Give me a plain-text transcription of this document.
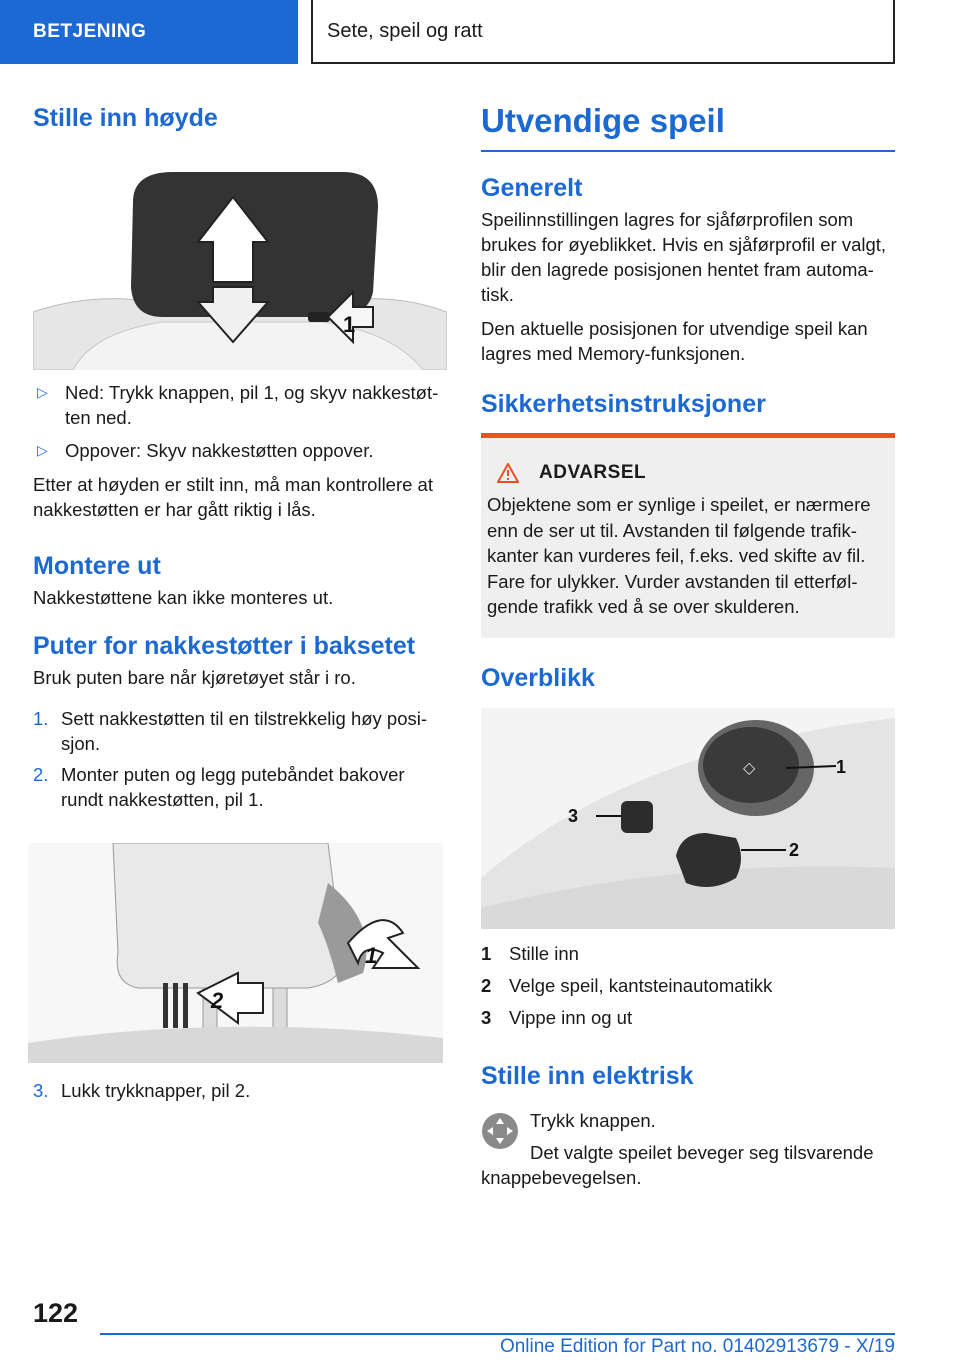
BETJENING	Sete, speil og ratt
Stille inn høyde
1
▷ Ned: Trykk knappen, pil 1, og skyv nakkestøt-ten ned.
▷ Oppover: Skyv nakkestøtten oppover.

Etter at høyden er stilt inn, må man kontrollere at nakkestøtten er har gått riktig i lås.

Montere ut

Nakkestøttene kan ikke monteres ut.

Puter for nakkestøtter i baksetet

Bruk puten bare når kjøretøyet står i ro.

1. Sett nakkestøtten til en tilstrekkelig høy posi-sjon.
2. Monter puten og legg putebåndet bakover rundt nakkestøtten, pil 1.
1
2
3. Lukk trykknapper, pil 2.
Utvendige speil
Generelt

Speilinnstillingen lagres for sjåførprofilen som brukes for øyeblikket. Hvis en sjåførprofil er valgt, blir den lagrede posisjonen hentet fram automa-tisk.

Den aktuelle posisjonen for utvendige speil kan lagres med Memory-funksjonen.

Sikkerhetsinstruksjoner
ADVARSEL

Objektene som er synlige i speilet, er nærmere enn de ser ut til. Avstanden til følgende trafik-kanter kan vurderes feil, f.eks. ved skifte av fil. Fare for ulykker. Vurder avstanden til etterføl-gende trafikk ved å se over skulderen.

Overblikk
◇	1
2
3
1 Stille inn
2 Velge speil, kantsteinautomatikk
3 Vippe inn og ut
Stille inn elektrisk

Trykk knappen.

Det valgte speilet beveger seg tilsvarende knappebevegelsen.

122
Online Edition for Part no. 01402913679 - X/19
